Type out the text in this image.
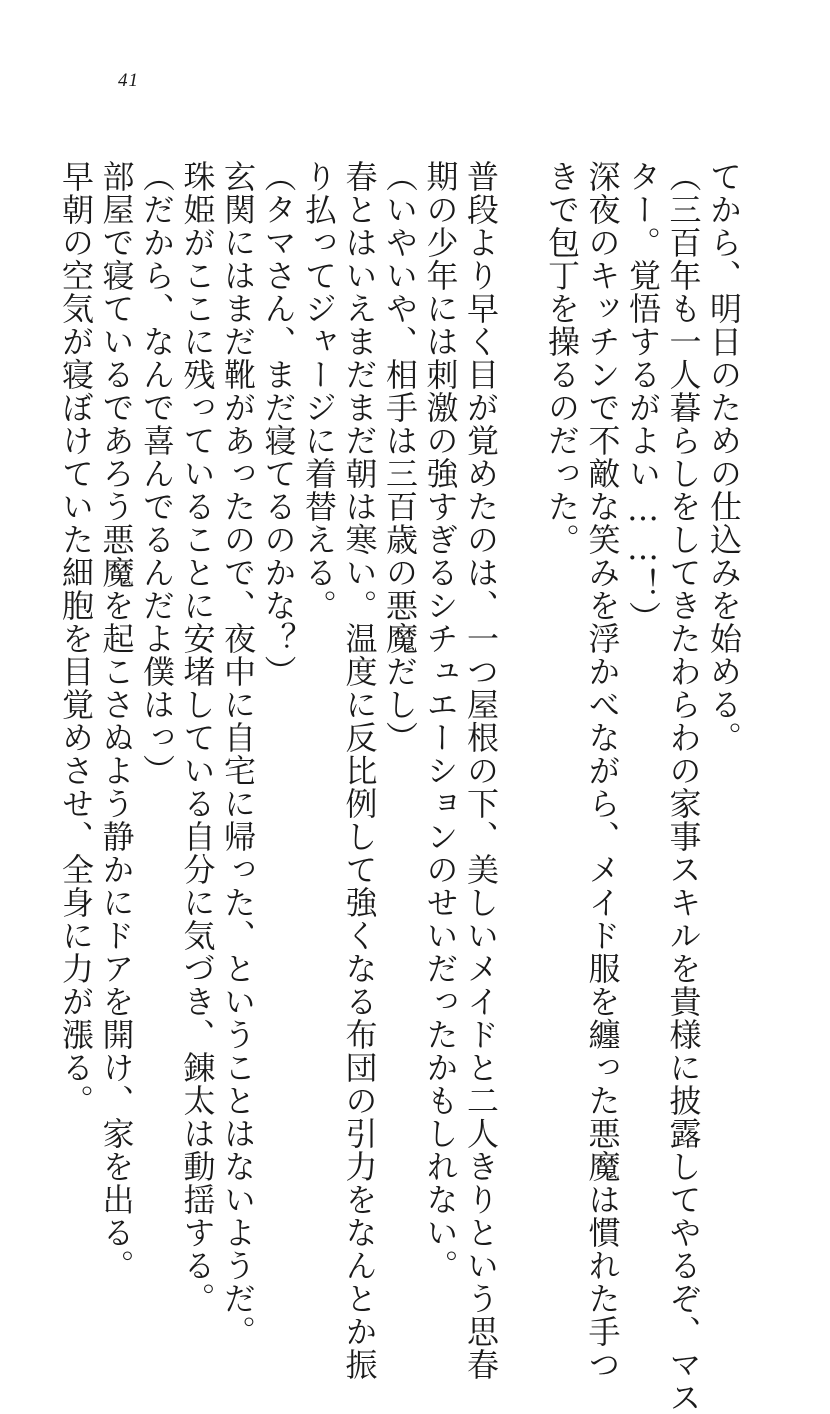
41
てから、明日のための仕込みを始める。
（三百年も一人暮らしをしてきたわらわの家事スキルを貴様に披露してやるぞ、マス
ター。覚悟するがよい……！）
深夜のキッチンで不敵な笑みを浮かべながら、メイド服を纏った悪魔は慣れた手つ
きで包丁を操るのだった。

普段より早く目が覚めたのは、一つ屋根の下、美しいメイドと二人きりという思春
期の少年には刺激の強すぎるシチュエーションのせいだったかもしれない。
（いやいや、相手は三百歳の悪魔だし）
春とはいえまだまだ朝は寒い。温度に反比例して強くなる布団の引力をなんとか振
り払ってジャージに着替える。
（タマさん、まだ寝てるのかな？）
玄関にはまだ靴があったので、夜中に自宅に帰った、ということはないようだ。
珠姫がここに残っていることに安堵している自分に気づき、錬太は動揺する。
（だから、なんで喜んでるんだよ僕はっ）
部屋で寝ているであろう悪魔を起こさぬよう静かにドアを開け、家を出る。
早朝の空気が寝ぼけていた細胞を目覚めさせ、全身に力が漲る。
